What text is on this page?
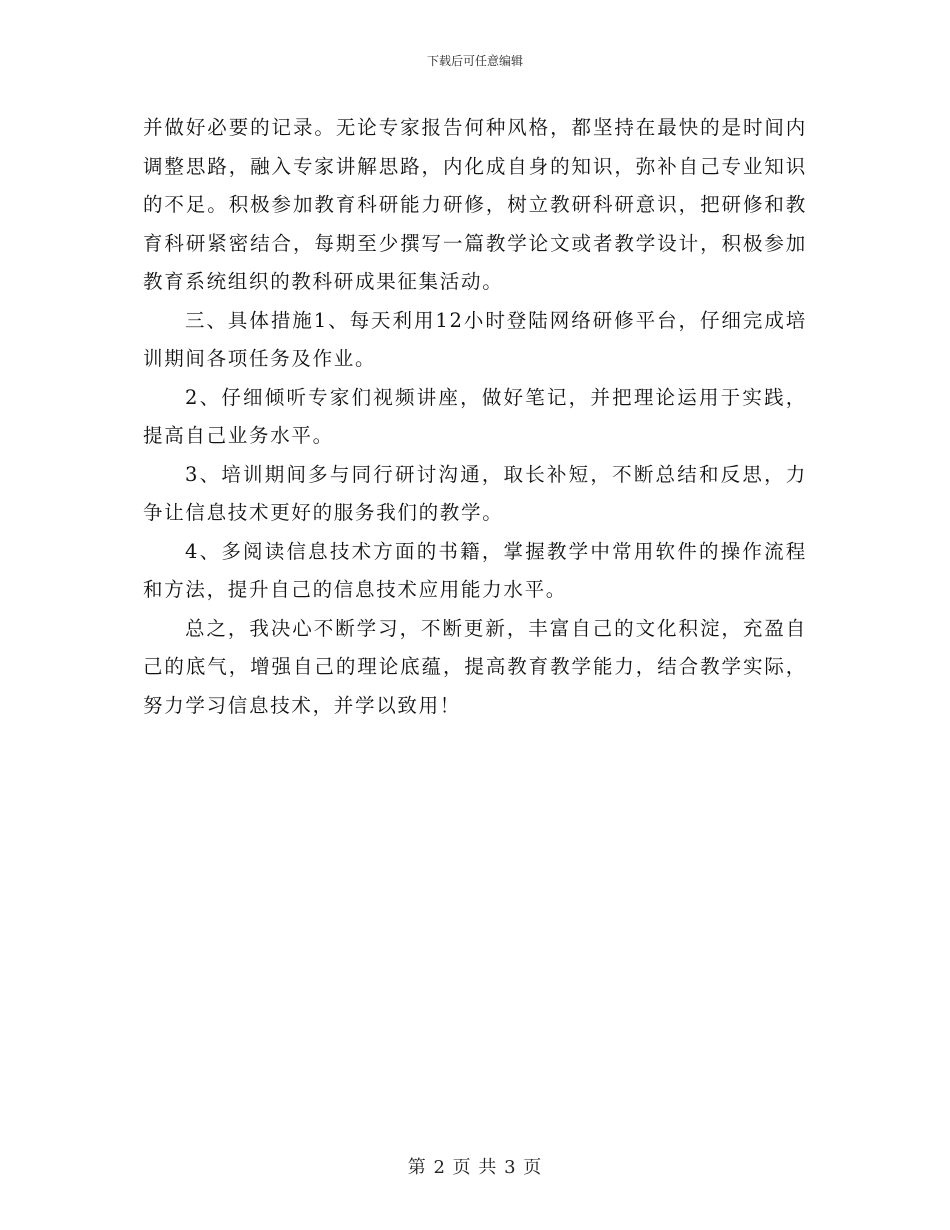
下载后可任意编辑

并做好必要的记录。无论专家报告何种风格，都坚持在最快的是时间内调整思路，融入专家讲解思路，内化成自身的知识，弥补自己专业知识的不足。积极参加教育科研能力研修，树立教研科研意识，把研修和教育科研紧密结合，每期至少撰写一篇教学论文或者教学设计，积极参加教育系统组织的教科研成果征集活动。

三、具体措施1、每天利用12小时登陆网络研修平台，仔细完成培训期间各项任务及作业。

2、仔细倾听专家们视频讲座，做好笔记，并把理论运用于实践，提高自己业务水平。

3、培训期间多与同行研讨沟通，取长补短，不断总结和反思，力争让信息技术更好的服务我们的教学。

4、多阅读信息技术方面的书籍，掌握教学中常用软件的操作流程和方法，提升自己的信息技术应用能力水平。

总之，我决心不断学习，不断更新，丰富自己的文化积淀，充盈自己的底气，增强自己的理论底蕴，提高教育教学能力，结合教学实际，努力学习信息技术，并学以致用！

第 2 页 共 3 页
